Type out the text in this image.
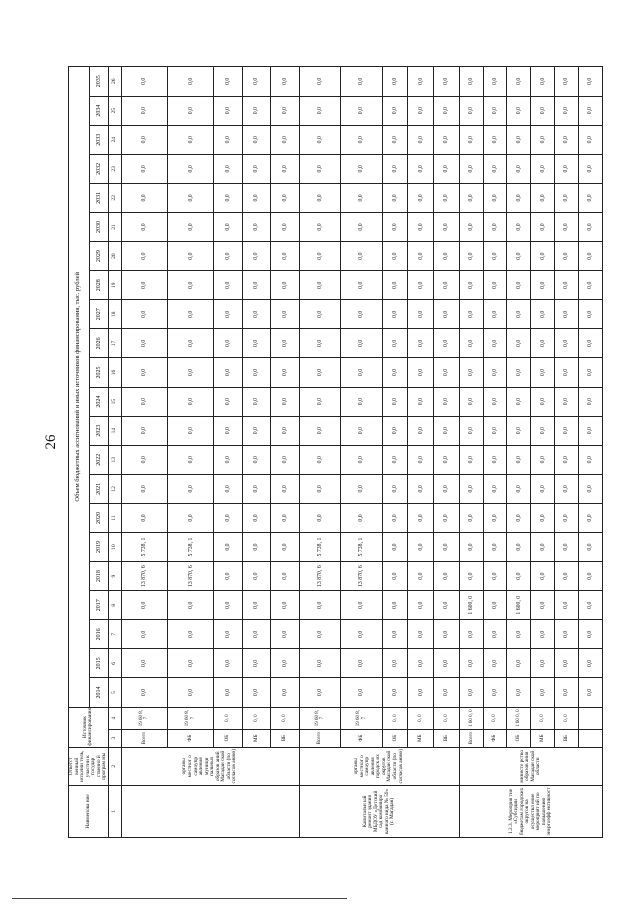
26
Наименова ние	Ответст венный исполни тель, участни к государ ственно й програм мы	Источник финансирования		Объем бюджетных ассигнований и иных источников финансирования, тыс. рублей																					
				2014	2015	2016	2017	2018	2019	2020	2021	2022	2023	2024	2025	2026	2027	2028	2029	2030	2031	2032	2033	2034	2035
1	2	3	4	5	6	7	8	9	10	11	12	13	14	15	16	17	18	19	20	21	22	23	24	25	26
	органы местног о самоупр авления муници пальных образов аний Магадан ской области (по согласов анию)	Всего	19 60 8, 7	0,0	0,0	0,0	0,0	13 870, 6	5 738, 1	0,0	0,0	0,0	0,0	0,0	0,0	0,0	0,0	0,0	0,0	0,0	0,0	0,0	0,0	0,0	0,0
		ФБ	19 60 8, 7	0,0	0,0	0,0	0,0	13 870, 6	5 738, 1	0,0	0,0	0,0	0,0	0,0	0,0	0,0	0,0	0,0	0,0	0,0	0,0	0,0	0,0	0,0	0,0
		ОБ	0, 0	0,0	0,0	0,0	0,0	0,0	0,0	0,0	0,0	0,0	0,0	0,0	0,0	0,0	0,0	0,0	0,0	0,0	0,0	0,0	0,0	0,0	0,0
		МБ	0, 0	0,0	0,0	0,0	0,0	0,0	0,0	0,0	0,0	0,0	0,0	0,0	0,0	0,0	0,0	0,0	0,0	0,0	0,0	0,0	0,0	0,0	0,0
		ВБ	0, 0	0,0	0,0	0,0	0,0	0,0	0,0	0,0	0,0	0,0	0,0	0,0	0,0	0,0	0,0	0,0	0,0	0,0	0,0	0,0	0,0	0,0	0,0
Капитальн ый ремонт здания МБДОУ «Детский сад комбиниро ванного вида № 59» (г. Магадан)	органы местног о самоупр авления городск их округов Магадан ской области (по согласов анию)	Всего	19 60 8, 7	0,0	0,0	0,0	0,0	13 870, 6	5 738, 1	0,0	0,0	0,0	0,0	0,0	0,0	0,0	0,0	0,0	0,0	0,0	0,0	0,0	0,0	0,0	0,0
		ФБ	19 60 8, 7	0,0	0,0	0,0	0,0	13 870, 6	5 738, 1	0,0	0,0	0,0	0,0	0,0	0,0	0,0	0,0	0,0	0,0	0,0	0,0	0,0	0,0	0,0	0,0
		ОБ	0, 0	0,0	0,0	0,0	0,0	0,0	0,0	0,0	0,0	0,0	0,0	0,0	0,0	0,0	0,0	0,0	0,0	0,0	0,0	0,0	0,0	0,0	0,0
		МБ	0, 0	0,0	0,0	0,0	0,0	0,0	0,0	0,0	0,0	0,0	0,0	0,0	0,0	0,0	0,0	0,0	0,0	0,0	0,0	0,0	0,0	0,0	0,0
		ВБ	0, 0	0,0	0,0	0,0	0,0	0,0	0,0	0,0	0,0	0,0	0,0	0,0	0,0	0,0	0,0	0,0	0,0	0,0	0,0	0,0	0,0	0,0	0,0
1.2.3. Мероприя тие «Субсидии бюджетам городских округов на осуществл ение мероприят ий по повышению энергоэфф ективност	министе рство образов ания Магадан ской области	Всего	1 60 0, 0	0,0	0,0	0,0	1 600, 0	0,0	0,0	0,0	0,0	0,0	0,0	0,0	0,0	0,0	0,0	0,0	0,0	0,0	0,0	0,0	0,0	0,0	0,0
		ФБ	0, 0	0,0	0,0	0,0	0,0	0,0	0,0	0,0	0,0	0,0	0,0	0,0	0,0	0,0	0,0	0,0	0,0	0,0	0,0	0,0	0,0	0,0	0,0
		ОБ	1 60 0, 0	0,0	0,0	0,0	1 600, 0	0,0	0,0	0,0	0,0	0,0	0,0	0,0	0,0	0,0	0,0	0,0	0,0	0,0	0,0	0,0	0,0	0,0	0,0
		МБ	0, 0	0,0	0,0	0,0	0,0	0,0	0,0	0,0	0,0	0,0	0,0	0,0	0,0	0,0	0,0	0,0	0,0	0,0	0,0	0,0	0,0	0,0	0,0
		ВБ	0, 0	0,0	0,0	0,0	0,0	0,0	0,0	0,0	0,0	0,0	0,0	0,0	0,0	0,0	0,0	0,0	0,0	0,0	0,0	0,0	0,0	0,0	0,0
				0,0	0,0	0,0	0,0	0,0	0,0	0,0	0,0	0,0	0,0	0,0	0,0	0,0	0,0	0,0	0,0	0,0	0,0	0,0	0,0	0,0	0,0
